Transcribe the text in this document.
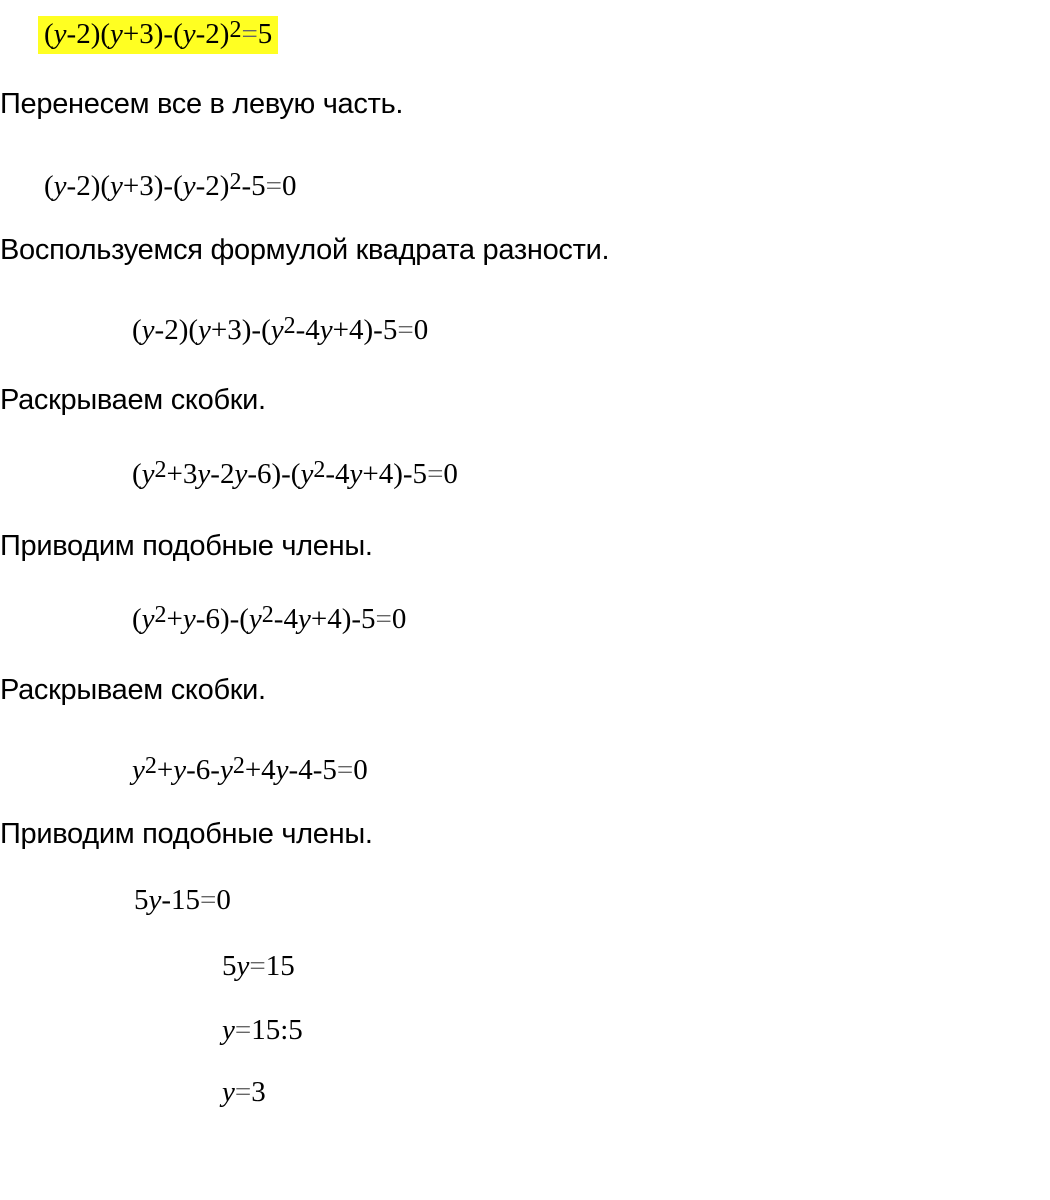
$(y-2)(y+3)-(y-2)^2=5$
Перенесем все в левую часть.
$(y-2)(y+3)-(y-2)^2-5=0$
Воспользуемся формулой квадрата разности.
$(y-2)(y+3)-(y^2-4y+4)-5=0$
Раскрываем скобки.
$(y^2+3y-2y-6)-(y^2-4y+4)-5=0$
Приводим подобные члены.
$(y^2+y-6)-(y^2-4y+4)-5=0$
Раскрываем скобки.
$y^2+y-6-y^2+4y-4-5=0$
Приводим подобные члены.
5y-15=0
5y=15
y=15:5
y=3
